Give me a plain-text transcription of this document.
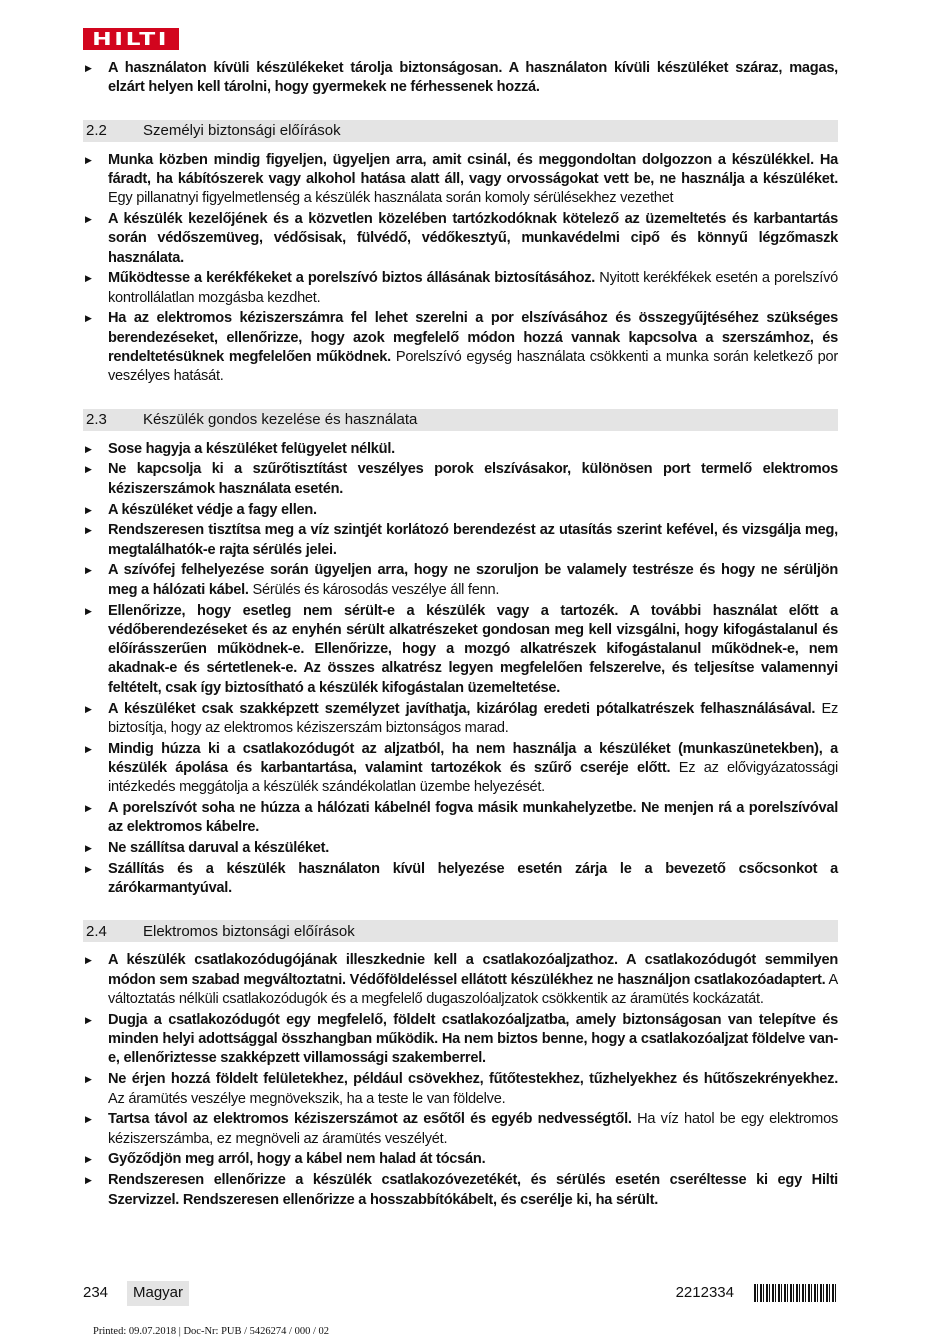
HILTI
▶ A használaton kívüli készülékeket tárolja biztonságosan. A használaton kívüli készüléket száraz, magas, elzárt helyen kell tárolni, hogy gyermekek ne férhessenek hozzá.
2.2	Személyi biztonsági előírások
▶ Munka közben mindig figyeljen, ügyeljen arra, amit csinál, és meggondoltan dolgozzon a készülékkel. Ha fáradt, ha kábítószerek vagy alkohol hatása alatt áll, vagy orvosságokat vett be, ne használja a készüléket. Egy pillanatnyi figyelmetlenség a készülék használata során komoly sérülésekhez vezethet
▶ A készülék kezelőjének és a közvetlen közelében tartózkodóknak kötelező az üzemeltetés és karbantartás során védőszemüveg, védősisak, fülvédő, védőkesztyű, munkavédelmi cipő és könnyű légzőmaszk használata.
▶ Működtesse a kerékfékeket a porelszívó biztos állásának biztosításához. Nyitott kerékfékek esetén a porelszívó kontrollálatlan mozgásba kezdhet.
▶ Ha az elektromos kéziszerszámra fel lehet szerelni a por elszívásához és összegyűjtéséhez szükséges berendezéseket, ellenőrizze, hogy azok megfelelő módon hozzá vannak kapcsolva a szerszámhoz, és rendeltetésüknek megfelelően működnek. Porelszívó egység használata csökkenti a munka során keletkező por veszélyes hatását.
2.3	Készülék gondos kezelése és használata
▶ Sose hagyja a készüléket felügyelet nélkül.
▶ Ne kapcsolja ki a szűrőtisztítást veszélyes porok elszívásakor, különösen port termelő elektromos kéziszerszámok használata esetén.
▶ A készüléket védje a fagy ellen.
▶ Rendszeresen tisztítsa meg a víz szintjét korlátozó berendezést az utasítás szerint kefével, és vizsgálja meg, megtalálhatók-e rajta sérülés jelei.
▶ A szívófej felhelyezése során ügyeljen arra, hogy ne szoruljon be valamely testrésze és hogy ne sérüljön meg a hálózati kábel. Sérülés és károsodás veszélye áll fenn.
▶ Ellenőrizze, hogy esetleg nem sérült-e a készülék vagy a tartozék. A további használat előtt a védőberendezéseket és az enyhén sérült alkatrészeket gondosan meg kell vizsgálni, hogy kifogástalanul és előírásszerűen működnek-e. Ellenőrizze, hogy a mozgó alkatrészek kifogástalanul működnek-e, nem akadnak-e és sértetlenek-e. Az összes alkatrész legyen megfelelően felszerelve, és teljesítse valamennyi feltételt, csak így biztosítható a készülék kifogástalan üzemeltetése.
▶ A készüléket csak szakképzett személyzet javíthatja, kizárólag eredeti pótalkatrészek felhasználásával. Ez biztosítja, hogy az elektromos kéziszerszám biztonságos marad.
▶ Mindig húzza ki a csatlakozódugót az aljzatból, ha nem használja a készüléket (munkaszünetekben), a készülék ápolása és karbantartása, valamint tartozékok és szűrő cseréje előtt. Ez az elővigyázatossági intézkedés meggátolja a készülék szándékolatlan üzembe helyezését.
▶ A porelszívót soha ne húzza a hálózati kábelnél fogva másik munkahelyzetbe. Ne menjen rá a porelszívóval az elektromos kábelre.
▶ Ne szállítsa daruval a készüléket.
▶ Szállítás és a készülék használaton kívül helyezése esetén zárja le a bevezető csőcsonkot a zárókarmantyúval.
2.4	Elektromos biztonsági előírások
▶ A készülék csatlakozódugójának illeszkednie kell a csatlakozóaljzathoz. A csatlakozódugót semmilyen módon sem szabad megváltoztatni. Védőföldeléssel ellátott készülékhez ne használjon csatlakozóadaptert. A változtatás nélküli csatlakozódugók és a megfelelő dugaszolóaljzatok csökkentik az áramütés kockázatát.
▶ Dugja a csatlakozódugót egy megfelelő, földelt csatlakozóaljzatba, amely biztonságosan van telepítve és minden helyi adottsággal összhangban működik. Ha nem biztos benne, hogy a csatlakozóaljzat földelve van-e, ellenőriztesse szakképzett villamossági szakemberrel.
▶ Ne érjen hozzá földelt felületekhez, például csövekhez, fűtőtestekhez, tűzhelyekhez és hűtőszekrényekhez. Az áramütés veszélye megnövekszik, ha a teste le van földelve.
▶ Tartsa távol az elektromos kéziszerszámot az esőtől és egyéb nedvességtől. Ha víz hatol be egy elektromos kéziszerszámba, ez megnöveli az áramütés veszélyét.
▶ Győződjön meg arról, hogy a kábel nem halad át tócsán.
▶ Rendszeresen ellenőrizze a készülék csatlakozóvezetékét, és sérülés esetén cseréltesse ki egy Hilti Szervizzel. Rendszeresen ellenőrizze a hosszabbítókábelt, és cserélje ki, ha sérült.
234	Magyar	2212334
Printed: 09.07.2018 | Doc-Nr: PUB / 5426274 / 000 / 02
